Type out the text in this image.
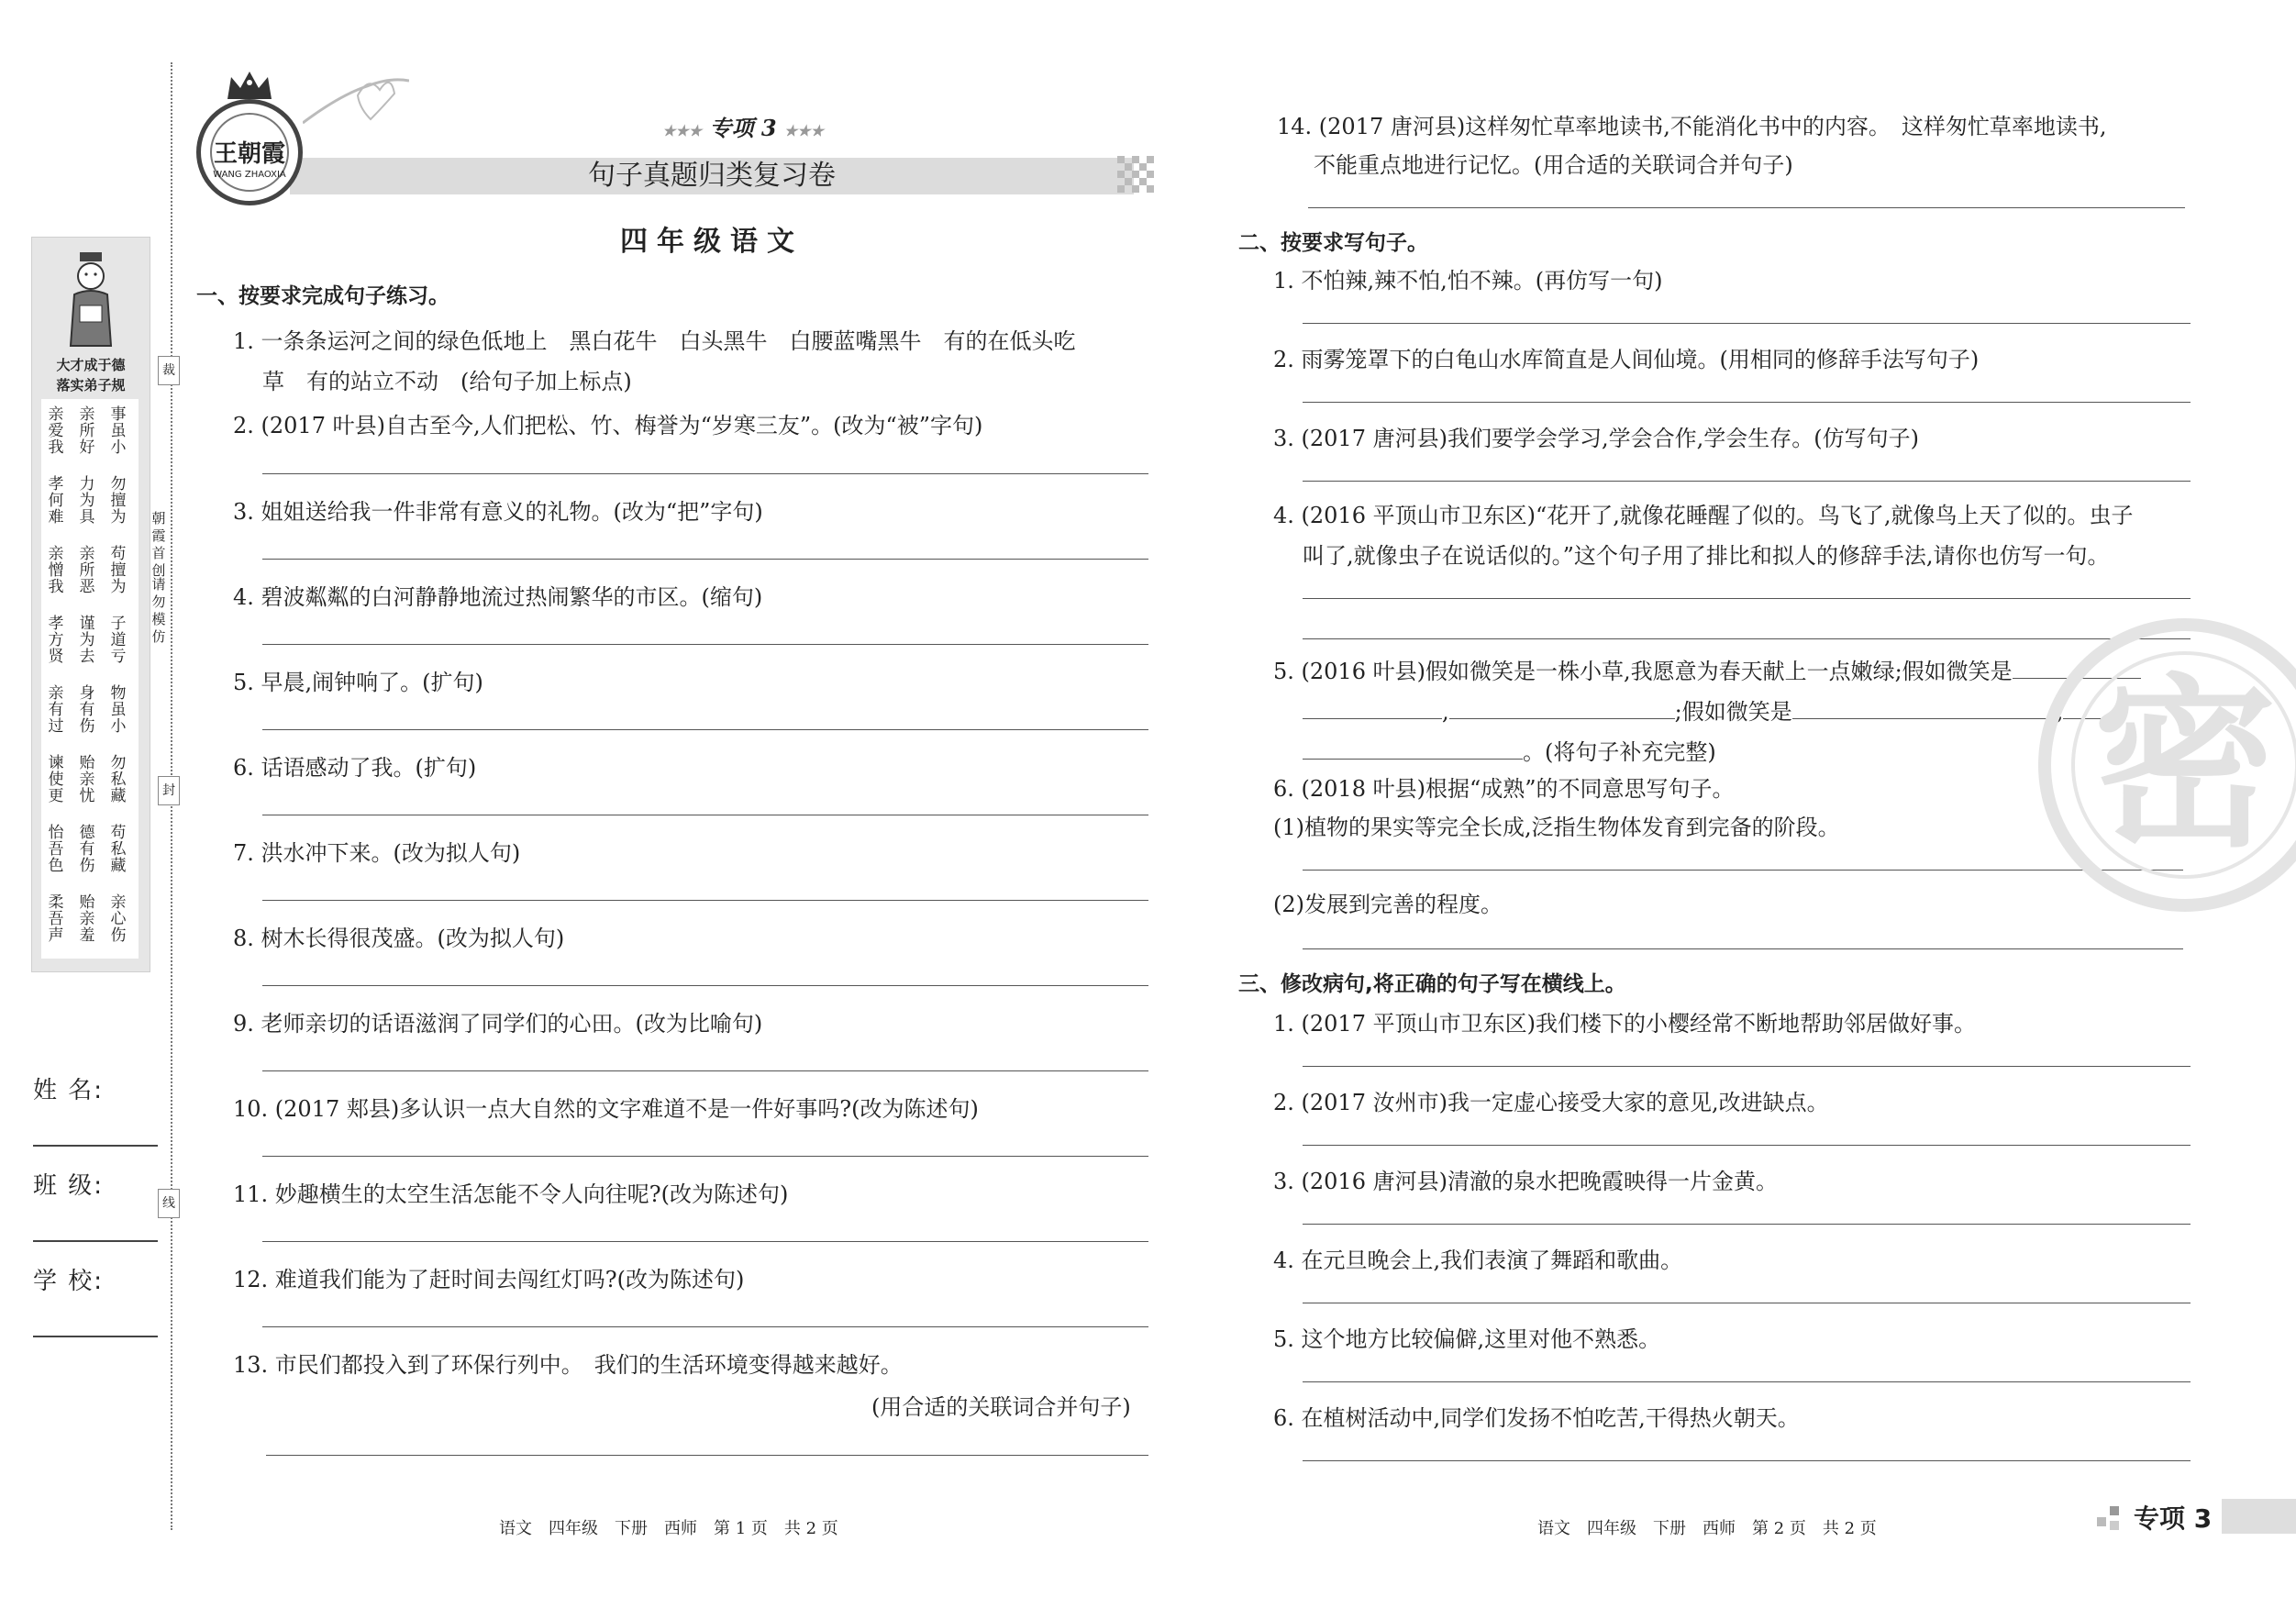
大才成于德
落实弟子规
亲
爱
我
亲
所
好
事
虽
小
孝
何
难
力
为
具
勿
擅
为
亲
憎
我
亲
所
恶
苟
擅
为
孝
方
贤
谨
为
去
子
道
亏
亲
有
过
身
有
伤
物
虽
小
谏
使
更
贻
亲
忧
勿
私
藏
怡
吾
色
德
有
伤
苟
私
藏
柔
吾
声
贻
亲
羞
亲
心
伤
裁
封
线
朝
霞
首
创
请
勿
模
仿
姓 名:
班 级:
学 校:
王朝霞
WANG ZHAOXIA
★★★ 专项 3 ★★★
句子真题归类复习卷
四年级语文
一、按要求完成句子练习。
1. 一条条运河之间的绿色低地上　黑白花牛　白头黑牛　白腰蓝嘴黑牛　有的在低头吃
草　有的站立不动　(给句子加上标点)
2. (2017 叶县)自古至今,人们把松、竹、梅誉为“岁寒三友”。(改为“被”字句)
3. 姐姐送给我一件非常有意义的礼物。(改为“把”字句)
4. 碧波粼粼的白河静静地流过热闹繁华的市区。(缩句)
5. 早晨,闹钟响了。(扩句)
6. 话语感动了我。(扩句)
7. 洪水冲下来。(改为拟人句)
8. 树木长得很茂盛。(改为拟人句)
9. 老师亲切的话语滋润了同学们的心田。(改为比喻句)
10. (2017 郏县)多认识一点大自然的文字难道不是一件好事吗?(改为陈述句)
11. 妙趣横生的太空生活怎能不令人向往呢?(改为陈述句)
12. 难道我们能为了赶时间去闯红灯吗?(改为陈述句)
13. 市民们都投入到了环保行列中。　我们的生活环境变得越来越好。
(用合适的关联词合并句子)
语文　四年级　下册　西师　第 1 页　共 2 页
14. (2017 唐河县)这样匆忙草率地读书,不能消化书中的内容。　这样匆忙草率地读书,
不能重点地进行记忆。(用合适的关联词合并句子)
二、按要求写句子。
1. 不怕辣,辣不怕,怕不辣。(再仿写一句)
2. 雨雾笼罩下的白龟山水库简直是人间仙境。(用相同的修辞手法写句子)
3. (2017 唐河县)我们要学会学习,学会合作,学会生存。(仿写句子)
4. (2016 平顶山市卫东区)“花开了,就像花睡醒了似的。鸟飞了,就像鸟上天了似的。虫子
叫了,就像虫子在说话似的。”这个句子用了排比和拟人的修辞手法,请你也仿写一句。
5. (2016 叶县)假如微笑是一株小草,我愿意为春天献上一点嫩绿;假如微笑是
,	;假如微笑是	,
。(将句子补充完整)
6. (2018 叶县)根据“成熟”的不同意思写句子。
(1)植物的果实等完全长成,泛指生物体发育到完备的阶段。
(2)发展到完善的程度。
三、修改病句,将正确的句子写在横线上。
1. (2017 平顶山市卫东区)我们楼下的小樱经常不断地帮助邻居做好事。
2. (2017 汝州市)我一定虚心接受大家的意见,改进缺点。
3. (2016 唐河县)清澈的泉水把晚霞映得一片金黄。
4. 在元旦晚会上,我们表演了舞蹈和歌曲。
5. 这个地方比较偏僻,这里对他不熟悉。
6. 在植树活动中,同学们发扬不怕吃苦,干得热火朝天。
语文　四年级　下册　西师　第 2 页　共 2 页
密
专项 3
